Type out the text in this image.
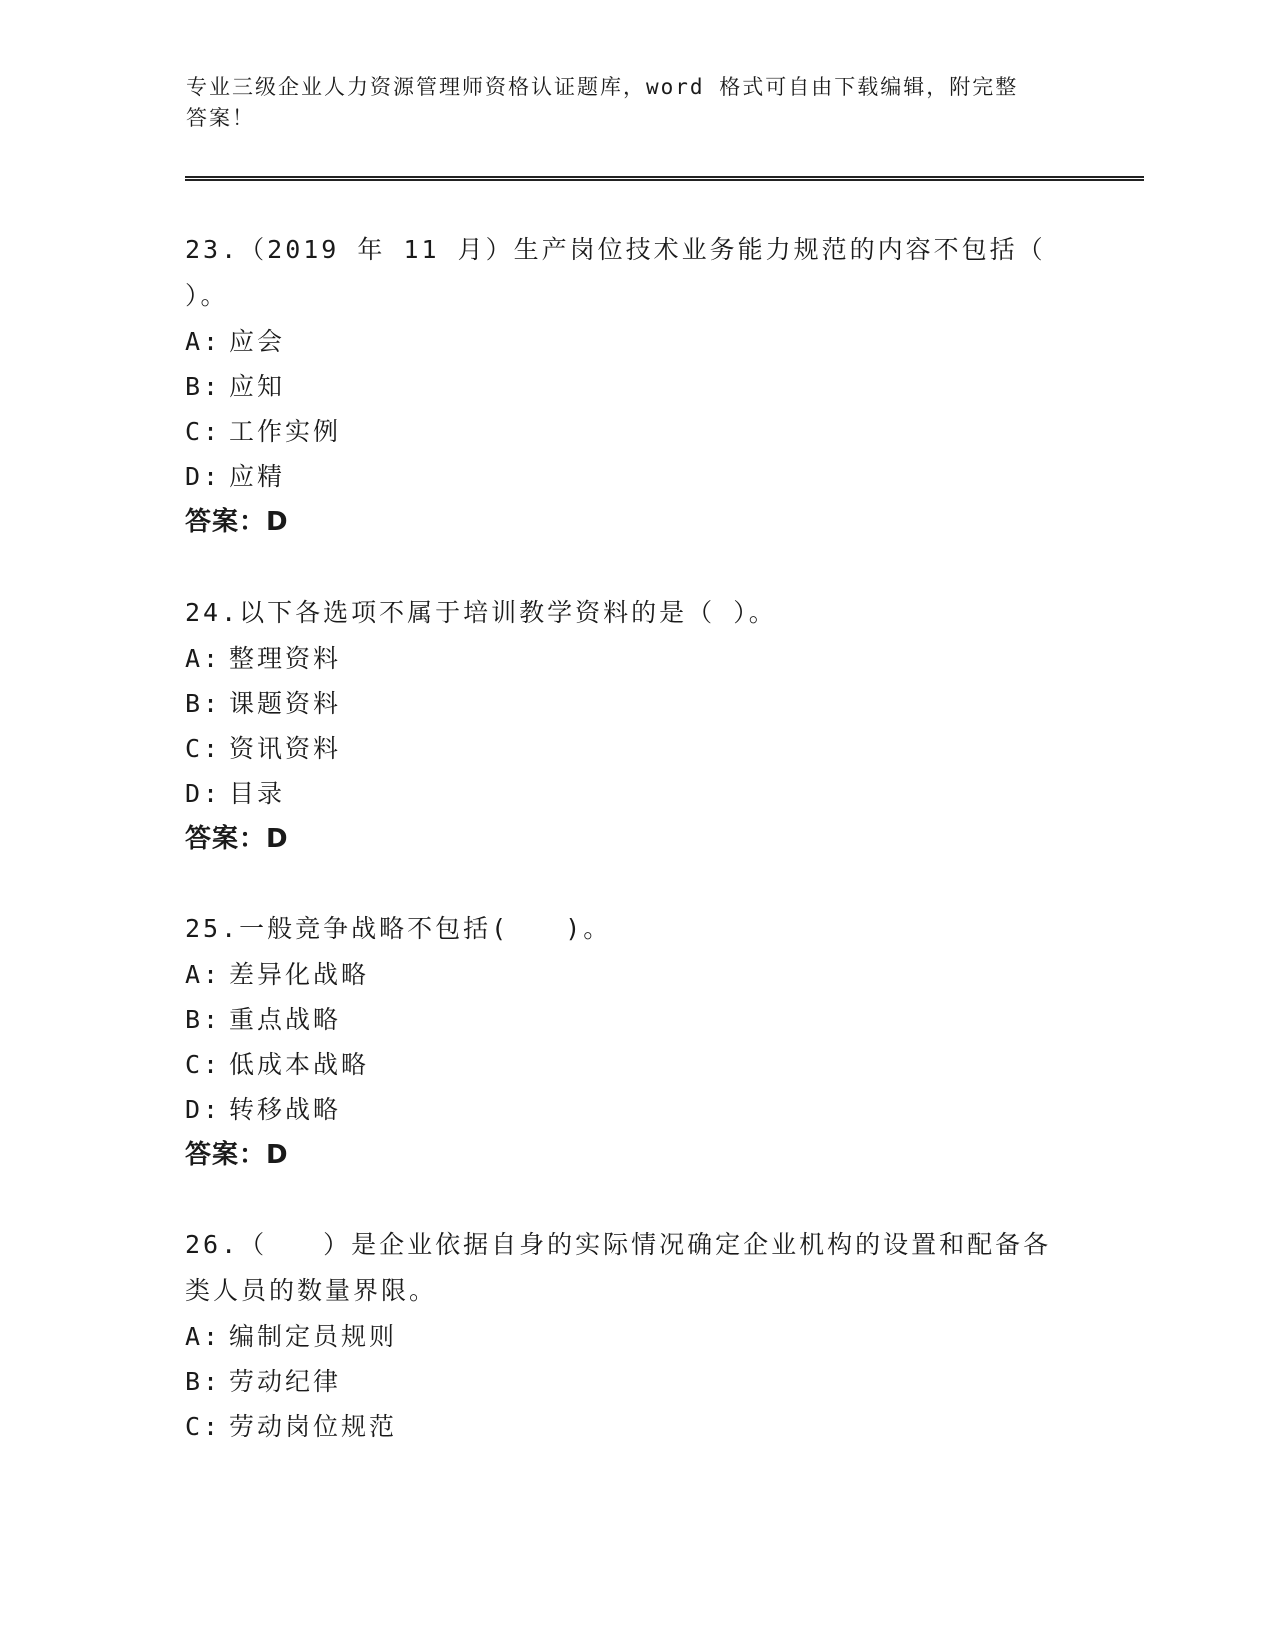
专业三级企业人力资源管理师资格认证题库，word 格式可自由下载编辑，附完整
答案！
23.（2019 年 11 月）生产岗位技术业务能力规范的内容不包括（
）。
A: 应会
B: 应知
C: 工作实例
D: 应精
答案：D
24.以下各选项不属于培训教学资料的是（ ）。
A: 整理资料
B: 课题资料
C: 资讯资料
D: 目录
答案：D
25.一般竞争战略不包括(　　)。
A: 差异化战略
B: 重点战略
C: 低成本战略
D: 转移战略
答案：D
26.（　　）是企业依据自身的实际情况确定企业机构的设置和配备各
类人员的数量界限。
A: 编制定员规则
B: 劳动纪律
C: 劳动岗位规范
